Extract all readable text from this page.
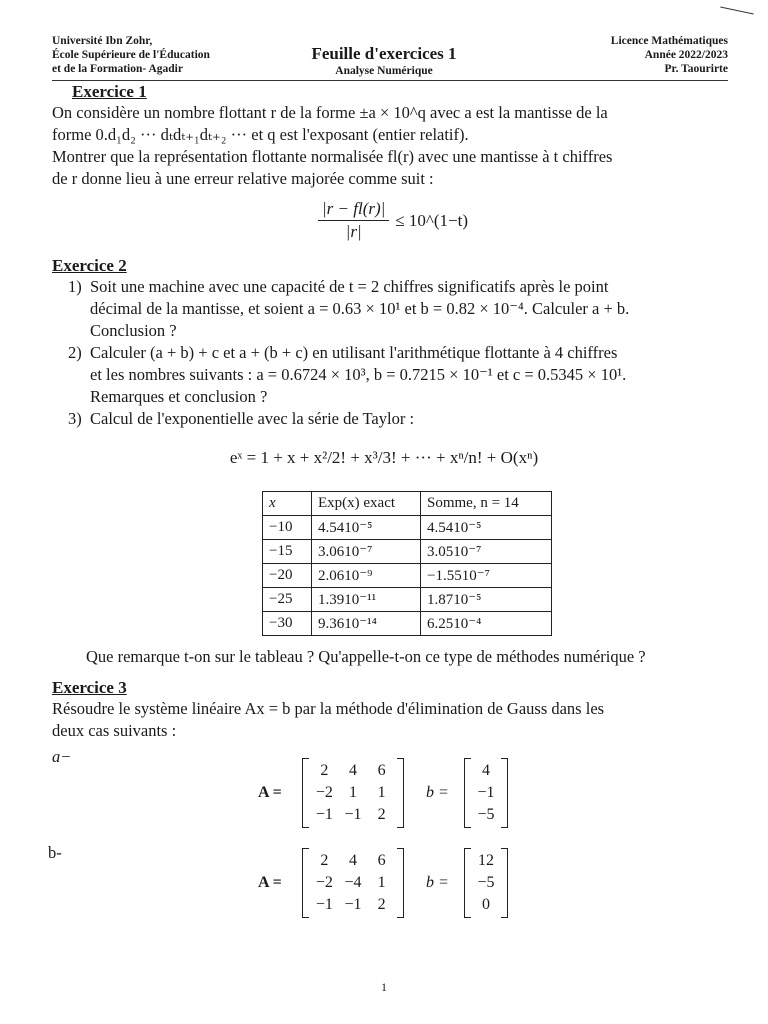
Université Ibn Zohr,
École Supérieure de l'Éducation
et de la Formation- Agadir
Feuille d'exercices 1
Analyse Numérique
Licence Mathématiques
Année 2022/2023
Pr. Taourirte
Exercice 1
On considère un nombre flottant r de la forme ±a × 10^q avec a est la mantisse de la
forme 0.d₁d₂ ··· dₜdₜ₊₁dₜ₊₂ ··· et q est l'exposant (entier relatif).
Montrer que la représentation flottante normalisée fl(r) avec une mantisse à t chiffres
de r donne lieu à une erreur relative majorée comme suit :
$\frac{|r - fl(r)|}{|r|}$ ≤ 10^(1−t)
Exercice 2
1) Soit une machine avec une capacité de t = 2 chiffres significatifs après le point
décimal de la mantisse, et soient a = 0.63 × 10¹ et b = 0.82 × 10⁻⁴. Calculer a + b.
Conclusion ?
2) Calculer (a + b) + c et a + (b + c) en utilisant l'arithmétique flottante à 4 chiffres
et les nombres suivants : a = 0.6724 × 10³, b = 0.7215 × 10⁻¹ et c = 0.5345 × 10¹.
Remarques et conclusion ?
3) Calcul de l'exponentielle avec la série de Taylor :
eˣ = 1 + x + x²/2! + x³/3! + ··· + xⁿ/n! + O(xⁿ)
x	Exp(x) exact	Somme, n = 14
−10	4.5410⁻⁵	4.5410⁻⁵
−15	3.0610⁻⁷	3.0510⁻⁷
−20	2.0610⁻⁹	−1.5510⁻⁷
−25	1.3910⁻¹¹	1.8710⁻⁵
−30	9.3610⁻¹⁴	6.2510⁻⁴
Que remarque t-on sur le tableau ? Qu'appelle-t-on ce type de méthodes numérique ?
Exercice 3
Résoudre le système linéaire Ax = b par la méthode d'élimination de Gauss dans les
deux cas suivants :
a−
A =
2	4	6
−2	1	1
−1 −1	2
b =
4
−1
−5
b-
A =
2	4	6
−2 −4	1
−1 −1	2
b =
12
−5
0
1
